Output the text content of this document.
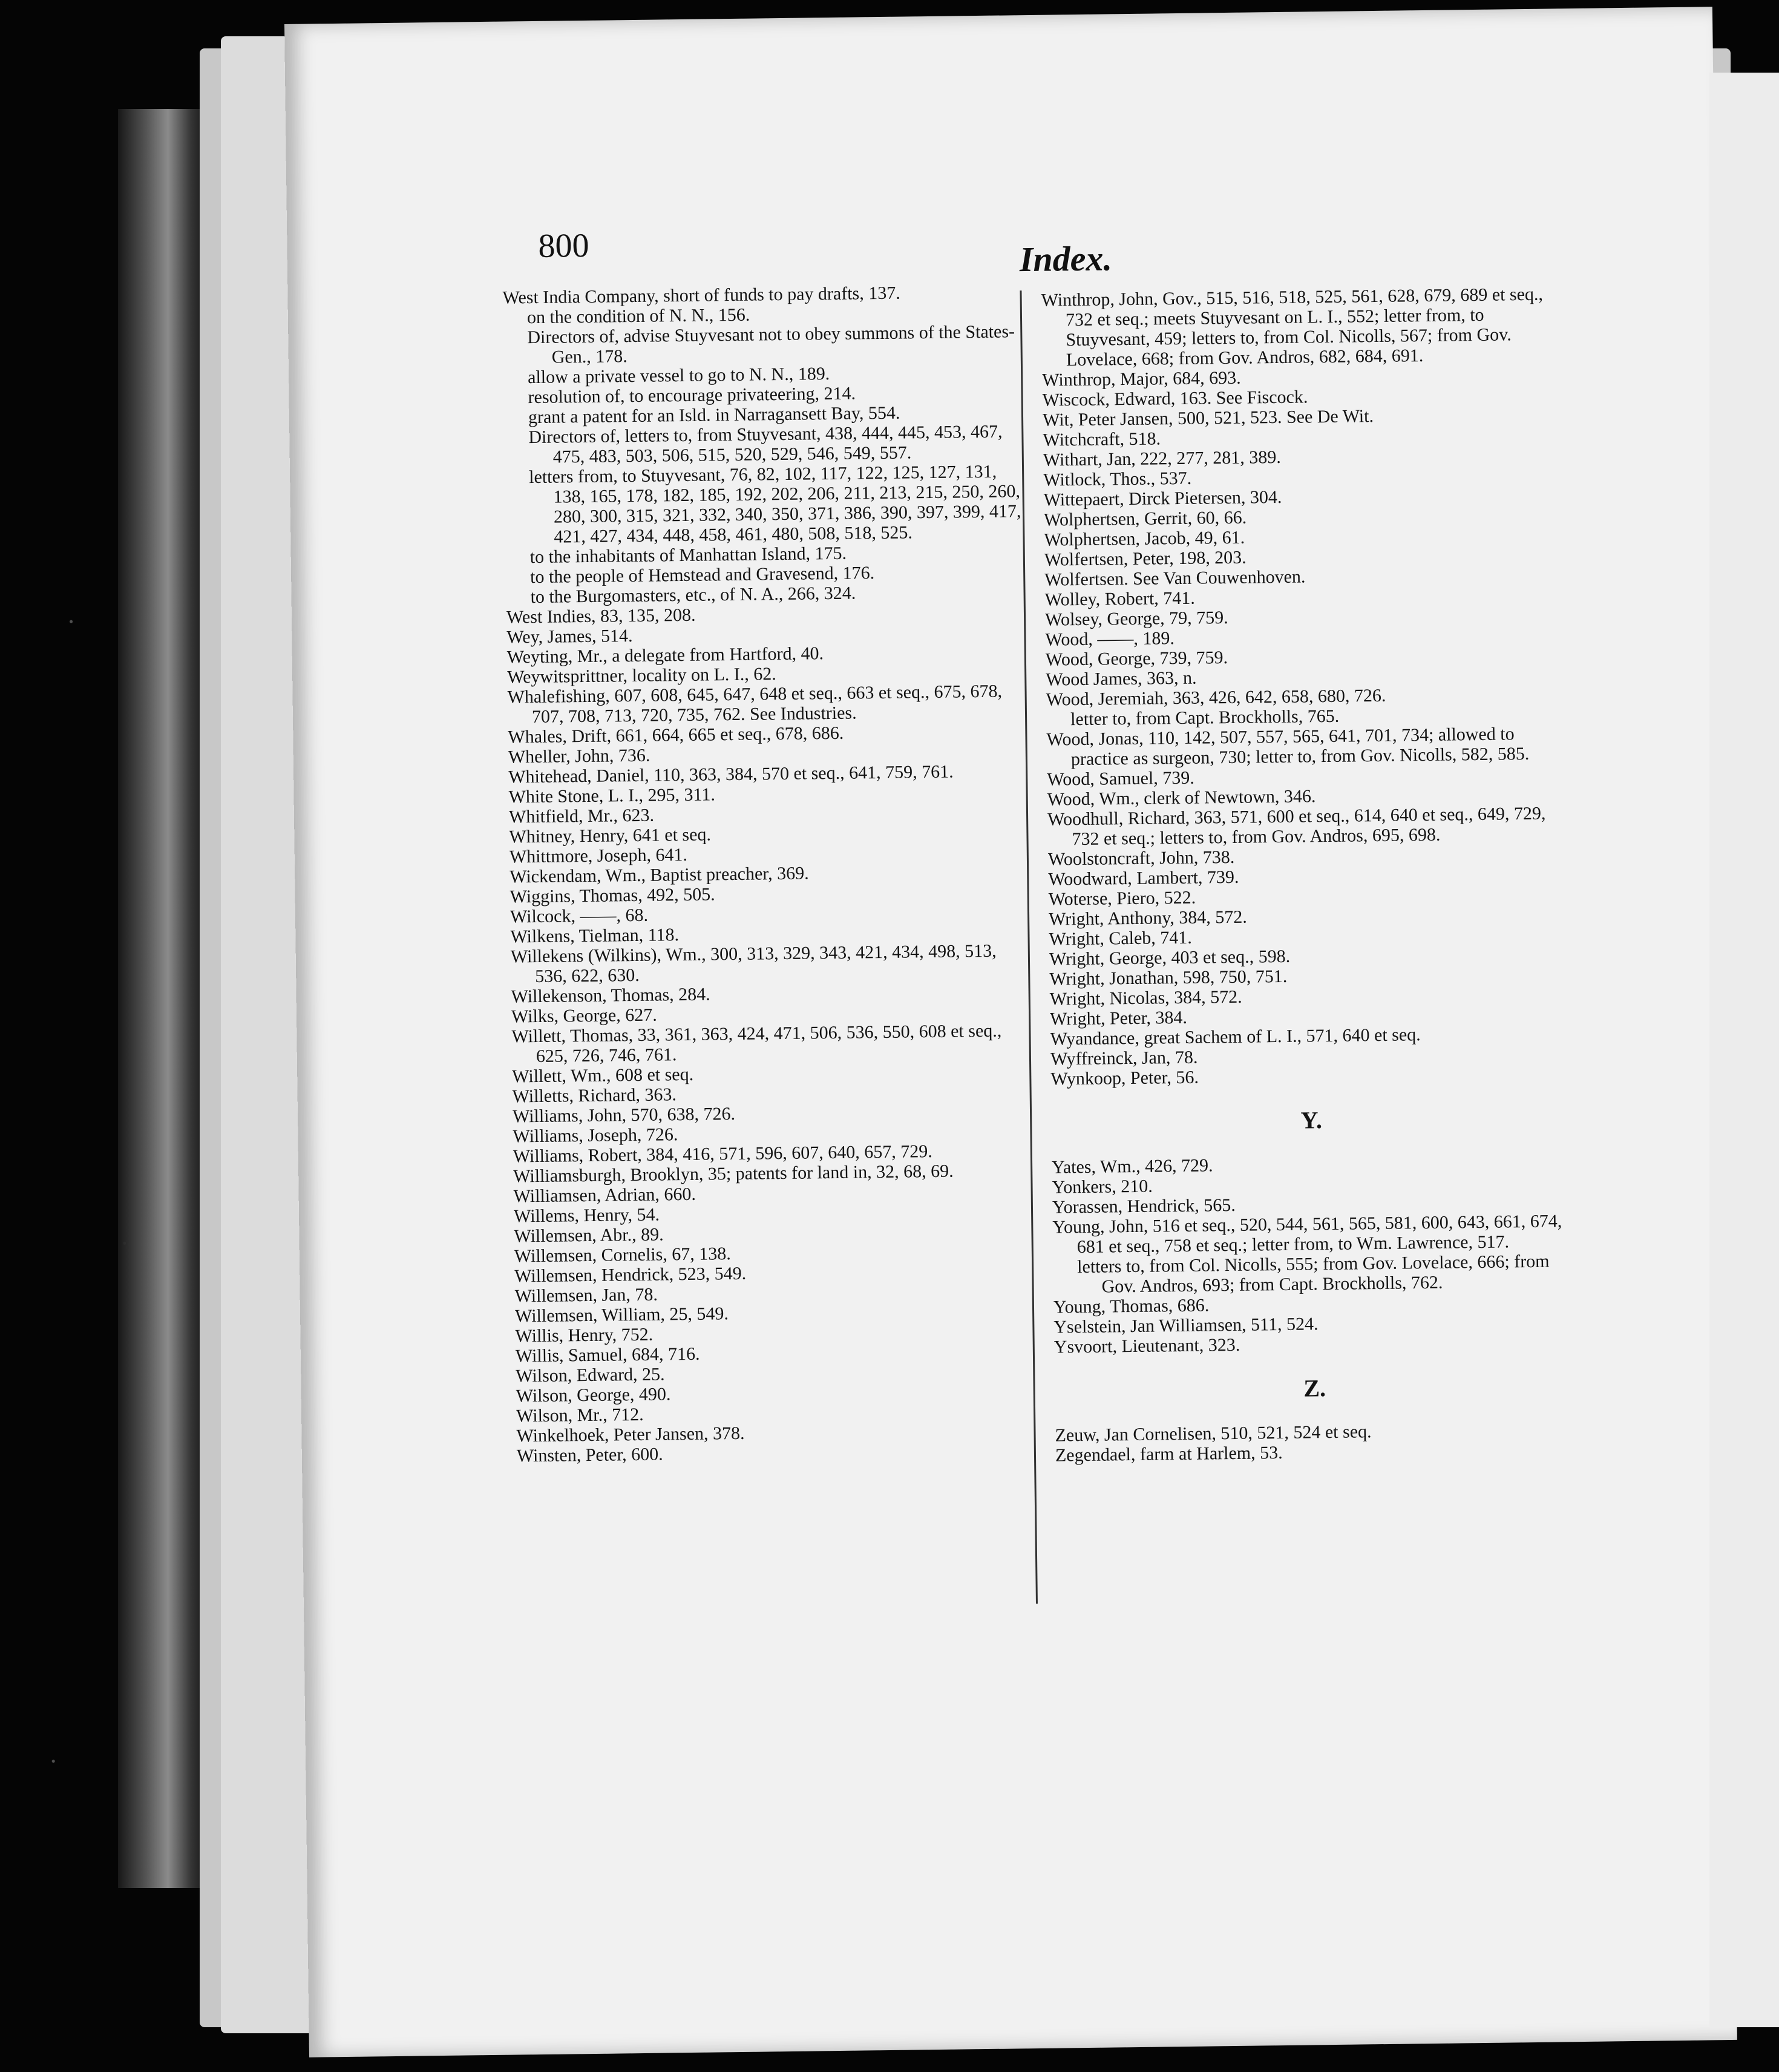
800	Index.

West India Company, short of funds to pay drafts, 137.

on the condition of N. N., 156.

Directors of, advise Stuyvesant not to obey summons of the States-Gen., 178.

allow a private vessel to go to N. N., 189.

resolution of, to encourage privateering, 214.

grant a patent for an Isld. in Narragansett Bay, 554.

Directors of, letters to, from Stuyvesant, 438, 444, 445, 453, 467, 475, 483, 503, 506, 515, 520, 529, 546, 549, 557.

letters from, to Stuyvesant, 76, 82, 102, 117, 122, 125, 127, 131, 138, 165, 178, 182, 185, 192, 202, 206, 211, 213, 215, 250, 260, 280, 300, 315, 321, 332, 340, 350, 371, 386, 390, 397, 399, 417, 421, 427, 434, 448, 458, 461, 480, 508, 518, 525.

to the inhabitants of Manhattan Island, 175.

to the people of Hemstead and Gravesend, 176.

to the Burgomasters, etc., of N. A., 266, 324.

West Indies, 83, 135, 208.

Wey, James, 514.

Weyting, Mr., a delegate from Hartford, 40.

Weywitsprittner, locality on L. I., 62.

Whalefishing, 607, 608, 645, 647, 648 et seq., 663 et seq., 675, 678, 707, 708, 713, 720, 735, 762. See Industries.

Whales, Drift, 661, 664, 665 et seq., 678, 686.

Wheller, John, 736.

Whitehead, Daniel, 110, 363, 384, 570 et seq., 641, 759, 761.

White Stone, L. I., 295, 311.

Whitfield, Mr., 623.

Whitney, Henry, 641 et seq.

Whittmore, Joseph, 641.

Wickendam, Wm., Baptist preacher, 369.

Wiggins, Thomas, 492, 505.

Wilcock, ——, 68.

Wilkens, Tielman, 118.

Willekens (Wilkins), Wm., 300, 313, 329, 343, 421, 434, 498, 513, 536, 622, 630.

Willekenson, Thomas, 284.

Wilks, George, 627.

Willett, Thomas, 33, 361, 363, 424, 471, 506, 536, 550, 608 et seq., 625, 726, 746, 761.

Willett, Wm., 608 et seq.

Willetts, Richard, 363.

Williams, John, 570, 638, 726.

Williams, Joseph, 726.

Williams, Robert, 384, 416, 571, 596, 607, 640, 657, 729.

Williamsburgh, Brooklyn, 35; patents for land in, 32, 68, 69.

Williamsen, Adrian, 660.

Willems, Henry, 54.

Willemsen, Abr., 89.

Willemsen, Cornelis, 67, 138.

Willemsen, Hendrick, 523, 549.

Willemsen, Jan, 78.

Willemsen, William, 25, 549.

Willis, Henry, 752.

Willis, Samuel, 684, 716.

Wilson, Edward, 25.

Wilson, George, 490.

Wilson, Mr., 712.

Winkelhoek, Peter Jansen, 378.

Winsten, Peter, 600.

Winthrop, John, Gov., 515, 516, 518, 525, 561, 628, 679, 689 et seq., 732 et seq.; meets Stuyvesant on L. I., 552; letter from, to Stuyvesant, 459; letters to, from Col. Nicolls, 567; from Gov. Lovelace, 668; from Gov. Andros, 682, 684, 691.

Winthrop, Major, 684, 693.

Wiscock, Edward, 163. See Fiscock.

Wit, Peter Jansen, 500, 521, 523. See De Wit.

Witchcraft, 518.

Withart, Jan, 222, 277, 281, 389.

Witlock, Thos., 537.

Wittepaert, Dirck Pietersen, 304.

Wolphertsen, Gerrit, 60, 66.

Wolphertsen, Jacob, 49, 61.

Wolfertsen, Peter, 198, 203.

Wolfertsen. See Van Couwenhoven.

Wolley, Robert, 741.

Wolsey, George, 79, 759.

Wood, ——, 189.

Wood, George, 739, 759.

Wood James, 363, n.

Wood, Jeremiah, 363, 426, 642, 658, 680, 726.

letter to, from Capt. Brockholls, 765.

Wood, Jonas, 110, 142, 507, 557, 565, 641, 701, 734; allowed to practice as surgeon, 730; letter to, from Gov. Nicolls, 582, 585.

Wood, Samuel, 739.

Wood, Wm., clerk of Newtown, 346.

Woodhull, Richard, 363, 571, 600 et seq., 614, 640 et seq., 649, 729, 732 et seq.; letters to, from Gov. Andros, 695, 698.

Woolstoncraft, John, 738.

Woodward, Lambert, 739.

Woterse, Piero, 522.

Wright, Anthony, 384, 572.

Wright, Caleb, 741.

Wright, George, 403 et seq., 598.

Wright, Jonathan, 598, 750, 751.

Wright, Nicolas, 384, 572.

Wright, Peter, 384.

Wyandance, great Sachem of L. I., 571, 640 et seq.

Wyffreinck, Jan, 78.

Wynkoop, Peter, 56.

Y.

Yates, Wm., 426, 729.

Yonkers, 210.

Yorassen, Hendrick, 565.

Young, John, 516 et seq., 520, 544, 561, 565, 581, 600, 643, 661, 674, 681 et seq., 758 et seq.; letter from, to Wm. Lawrence, 517.

letters to, from Col. Nicolls, 555; from Gov. Lovelace, 666; from Gov. Andros, 693; from Capt. Brockholls, 762.

Young, Thomas, 686.

Yselstein, Jan Williamsen, 511, 524.

Ysvoort, Lieutenant, 323.

Z.

Zeuw, Jan Cornelisen, 510, 521, 524 et seq.

Zegendael, farm at Harlem, 53.
